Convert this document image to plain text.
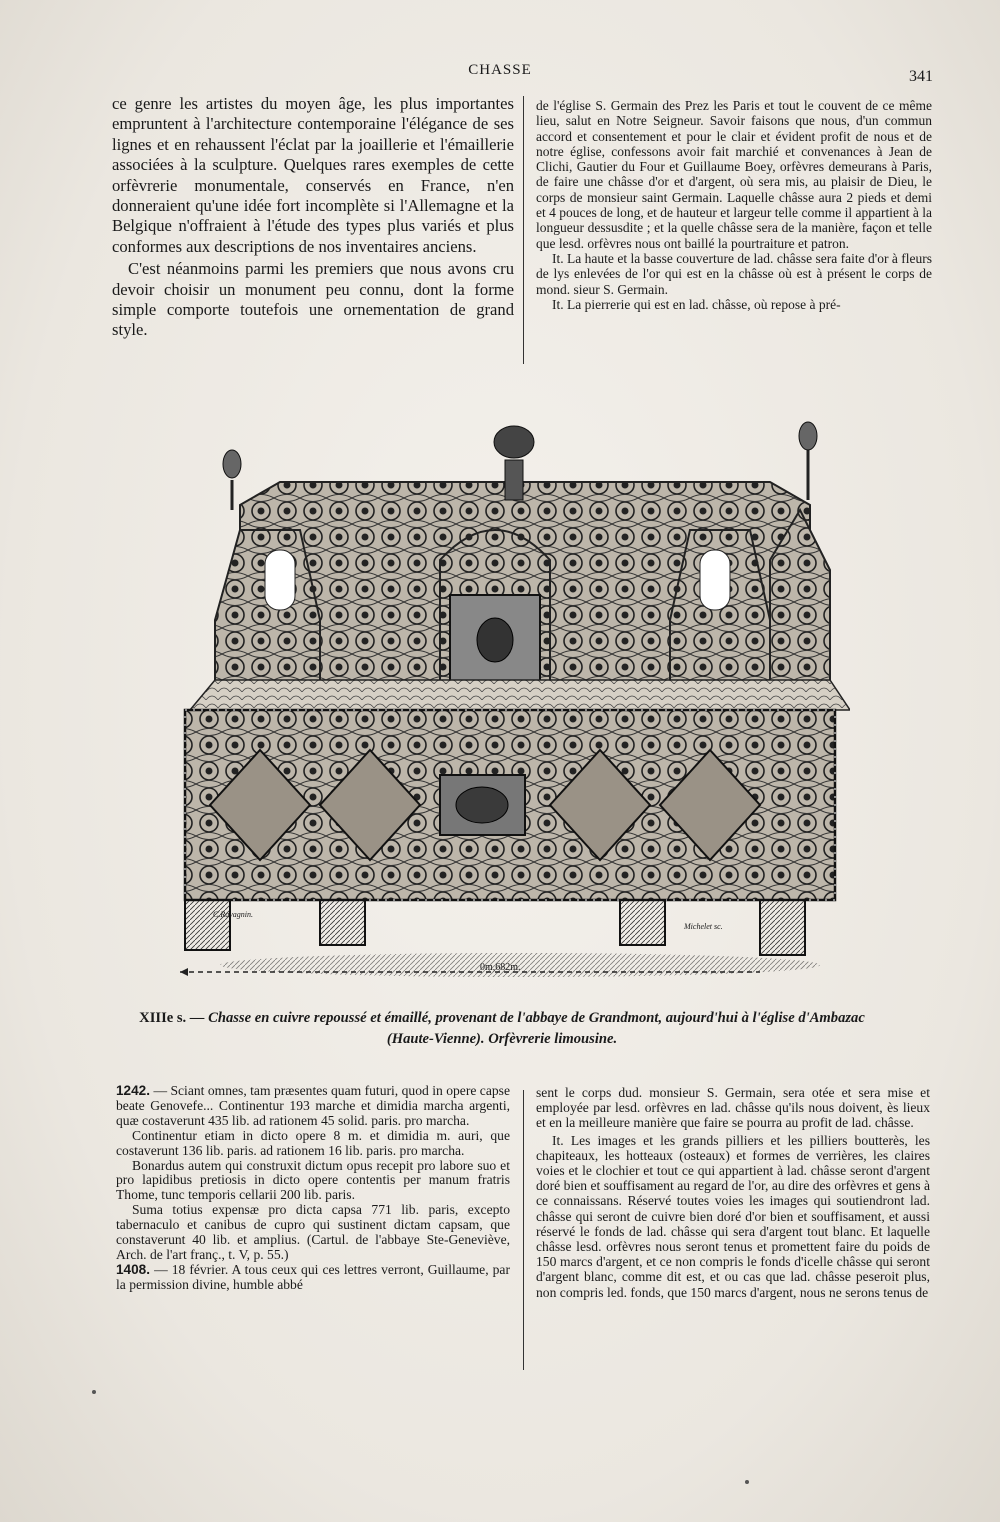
CHASSE	341

ce genre les artistes du moyen âge, les plus importantes empruntent à l'architecture contemporaine l'élégance de ses lignes et en rehaussent l'éclat par la joaillerie et l'émaillerie associées à la sculpture. Quelques rares exemples de cette orfèvrerie monumentale, conservés en France, n'en donneraient qu'une idée fort incomplète si l'Allemagne et la Belgique n'offraient à l'étude des types plus variés et plus conformes aux descriptions de nos inventaires anciens.

C'est néanmoins parmi les premiers que nous avons cru devoir choisir un monument peu connu, dont la forme simple comporte toutefois une ornementation de grand style.

de l'église S. Germain des Prez les Paris et tout le couvent de ce même lieu, salut en Notre Seigneur. Savoir faisons que nous, d'un commun accord et consentement et pour le clair et évident profit de nous et de notre église, confessons avoir fait marchié et convenances à Jean de Clichi, Gautier du Four et Guillaume Boey, orfèvres demeurans à Paris, de faire une châsse d'or et d'argent, où sera mis, au plaisir de Dieu, le corps de monsieur saint Germain. Laquelle châsse aura 2 pieds et demi et 4 pouces de long, et de hauteur et largeur telle comme il appartient à la longueur dessusdite ; et la quelle châsse sera de la manière, façon et telle que lesd. orfèvres nous ont baillé la pourtraiture et patron.

It. La haute et la basse couverture de lad. châsse sera faite d'or à fleurs de lys enlevées de l'or qui est en la châsse où est à présent le corps de mond. sieur S. Germain.

It. La pierrerie qui est en lad. châsse, où repose à pré-

C.Ravagnin.
Michelet sc.
0m,682m.
XIIIe s. — Chasse en cuivre repoussé et émaillé, provenant de l'abbaye de Grandmont, aujourd'hui à l'église d'Ambazac (Haute-Vienne). Orfèvrerie limousine.

1242. — Sciant omnes, tam præsentes quam futuri, quod in opere capse beate Genovefe... Continentur 193 marche et dimidia marcha argenti, quæ costaverunt 435 lib. ad rationem 45 solid. paris. pro marcha.

Continentur etiam in dicto opere 8 m. et dimidia m. auri, que costaverunt 136 lib. paris. ad rationem 16 lib. paris. pro marcha.

Bonardus autem qui construxit dictum opus recepit pro labore suo et pro lapidibus pretiosis in dicto opere contentis per manum fratris Thome, tunc temporis cellarii 200 lib. paris.

Suma totius expensæ pro dicta capsa 771 lib. paris, excepto tabernaculo et canibus de cupro qui sustinent dictam capsam, que constaverunt 40 lib. et amplius. (Cartul. de l'abbaye Ste-Geneviève, Arch. de l'art franç., t. V, p. 55.)

1408. — 18 février. A tous ceux qui ces lettres verront, Guillaume, par la permission divine, humble abbé

sent le corps dud. monsieur S. Germain, sera otée et sera mise et employée par lesd. orfèvres en lad. châsse qu'ils nous doivent, ès lieux et en la meilleure manière que faire se pourra au profit de lad. châsse.

It. Les images et les grands pilliers et les pilliers boutterès, les chapiteaux, les hotteaux (osteaux) et formes de verrières, les claires voies et le clochier et tout ce qui appartient à lad. châsse seront d'argent doré bien et souffisament au regard de l'or, au dire des orfèvres et gens à ce connaissans. Réservé toutes voies les images qui soutiendront lad. châsse qui seront de cuivre bien doré d'or bien et souffisament, et aussi réservé le fonds de lad. châsse qui sera d'argent tout blanc. Et laquelle châsse lesd. orfèvres nous seront tenus et promettent faire du poids de 150 marcs d'argent, et ce non compris le fonds d'icelle châsse qui seront d'argent blanc, comme dit est, et ou cas que lad. châsse peseroit plus, non compris led. fonds, que 150 marcs d'argent, nous ne serons tenus de
